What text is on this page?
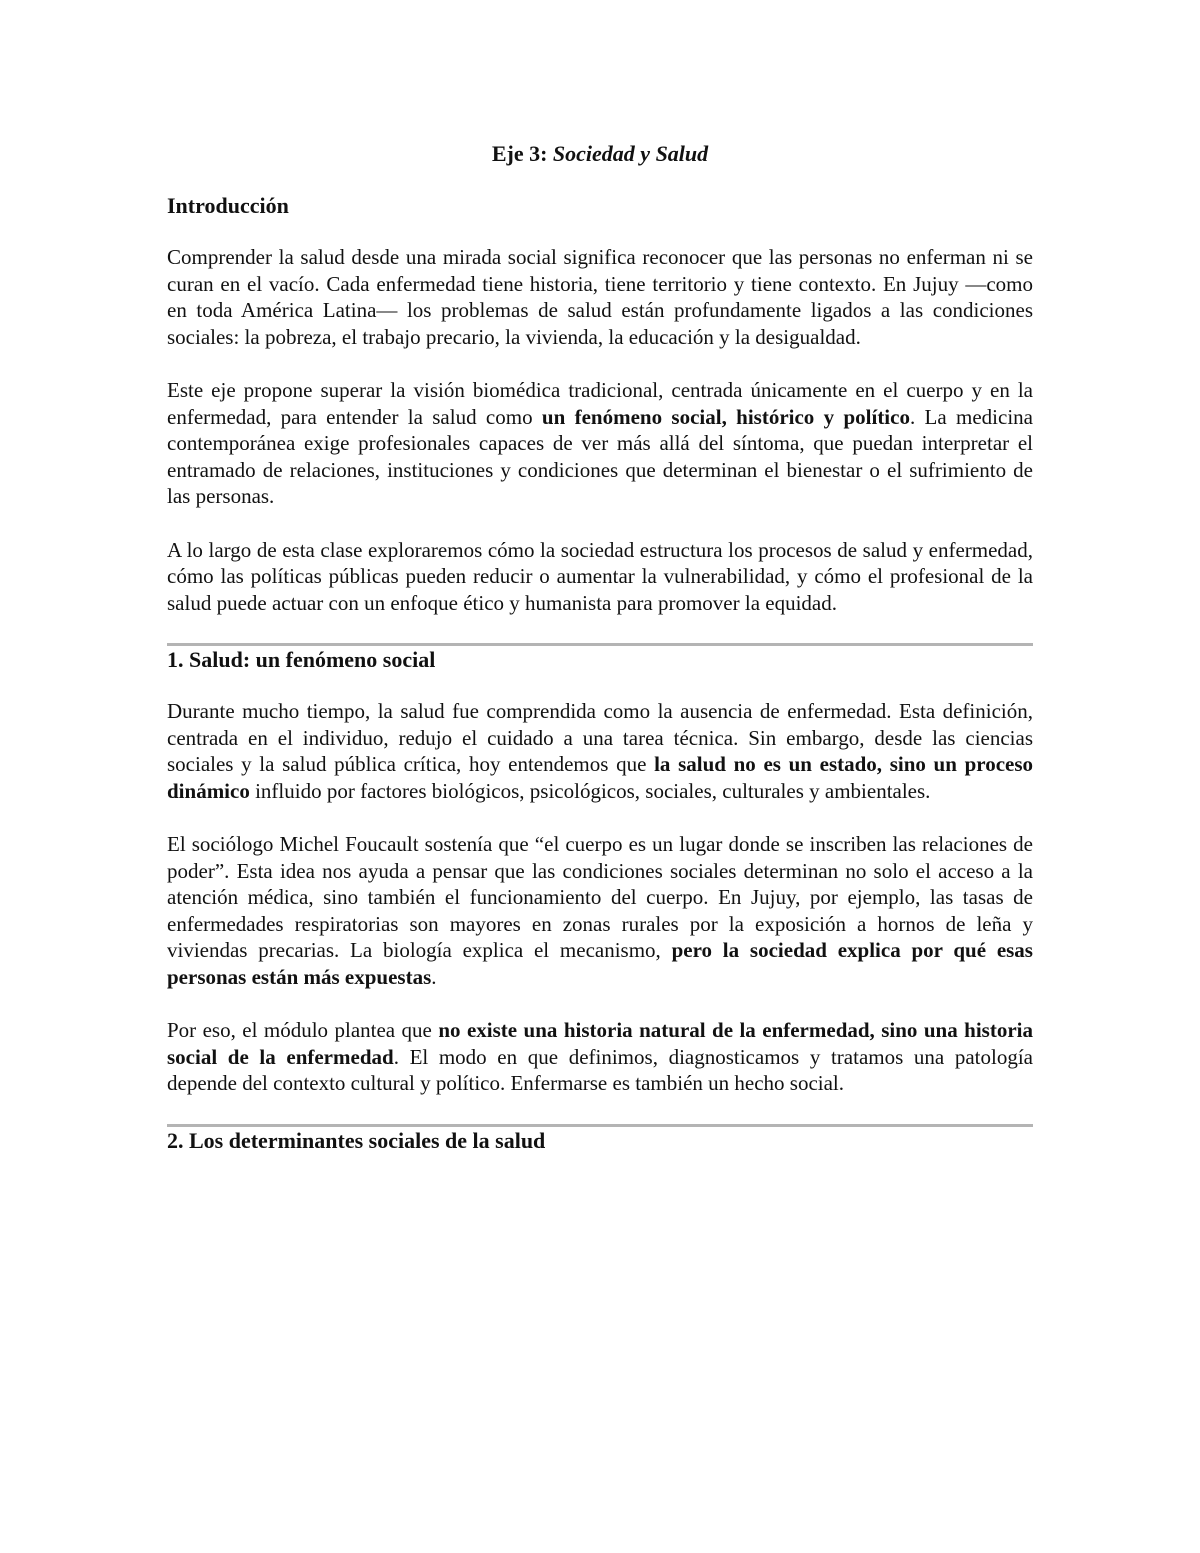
Eje 3: Sociedad y Salud
Introducción

Comprender la salud desde una mirada social significa reconocer que las personas no enferman ni se curan en el vacío. Cada enfermedad tiene historia, tiene territorio y tiene contexto. En Jujuy —como en toda América Latina— los problemas de salud están profundamente ligados a las condiciones sociales: la pobreza, el trabajo precario, la vivienda, la educación y la desigualdad.

Este eje propone superar la visión biomédica tradicional, centrada únicamente en el cuerpo y en la enfermedad, para entender la salud como un fenómeno social, histórico y político. La medicina contemporánea exige profesionales capaces de ver más allá del síntoma, que puedan interpretar el entramado de relaciones, instituciones y condiciones que determinan el bienestar o el sufrimiento de las personas.

A lo largo de esta clase exploraremos cómo la sociedad estructura los procesos de salud y enfermedad, cómo las políticas públicas pueden reducir o aumentar la vulnerabilidad, y cómo el profesional de la salud puede actuar con un enfoque ético y humanista para promover la equidad.

1. Salud: un fenómeno social

Durante mucho tiempo, la salud fue comprendida como la ausencia de enfermedad. Esta definición, centrada en el individuo, redujo el cuidado a una tarea técnica. Sin embargo, desde las ciencias sociales y la salud pública crítica, hoy entendemos que la salud no es un estado, sino un proceso dinámico influido por factores biológicos, psicológicos, sociales, culturales y ambientales.

El sociólogo Michel Foucault sostenía que “el cuerpo es un lugar donde se inscriben las relaciones de poder”. Esta idea nos ayuda a pensar que las condiciones sociales determinan no solo el acceso a la atención médica, sino también el funcionamiento del cuerpo. En Jujuy, por ejemplo, las tasas de enfermedades respiratorias son mayores en zonas rurales por la exposición a hornos de leña y viviendas precarias. La biología explica el mecanismo, pero la sociedad explica por qué esas personas están más expuestas.

Por eso, el módulo plantea que no existe una historia natural de la enfermedad, sino una historia social de la enfermedad. El modo en que definimos, diagnosticamos y tratamos una patología depende del contexto cultural y político. Enfermarse es también un hecho social.

2. Los determinantes sociales de la salud
